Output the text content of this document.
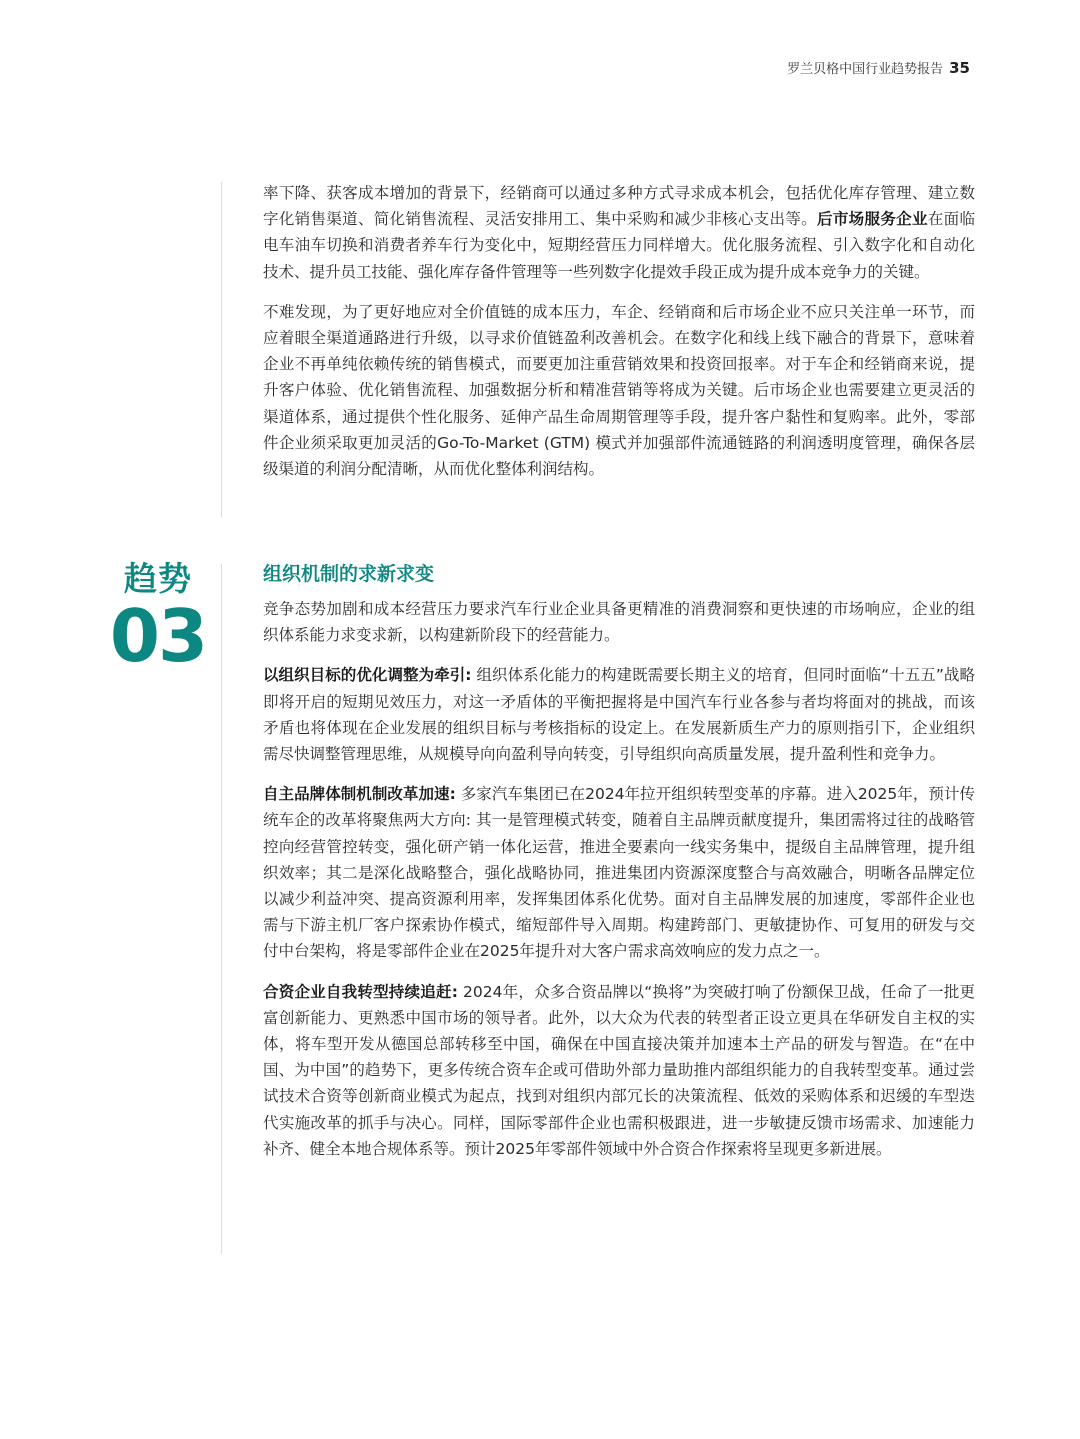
罗兰贝格中国行业趋势报告 35

率下降、获客成本增加的背景下，经销商可以通过多种方式寻求成本机会，包括优化库存管理、建立数字化销售渠道、简化销售流程、灵活安排用工、集中采购和减少非核心支出等。后市场服务企业在面临电车油车切换和消费者养车行为变化中，短期经营压力同样增大。优化服务流程、引入数字化和自动化技术、提升员工技能、强化库存备件管理等一些列数字化提效手段正成为提升成本竞争力的关键。

不难发现，为了更好地应对全价值链的成本压力，车企、经销商和后市场企业不应只关注单一环节，而应着眼全渠道通路进行升级，以寻求价值链盈利改善机会。在数字化和线上线下融合的背景下，意味着企业不再单纯依赖传统的销售模式，而要更加注重营销效果和投资回报率。对于车企和经销商来说，提升客户体验、优化销售流程、加强数据分析和精准营销等将成为关键。后市场企业也需要建立更灵活的渠道体系，通过提供个性化服务、延伸产品生命周期管理等手段，提升客户黏性和复购率。此外，零部件企业须采取更加灵活的Go-To-Market (GTM) 模式并加强部件流通链路的利润透明度管理，确保各层级渠道的利润分配清晰，从而优化整体利润结构。

趋势
03
组织机制的求新求变

竞争态势加剧和成本经营压力要求汽车行业企业具备更精准的消费洞察和更快速的市场响应，企业的组织体系能力求变求新，以构建新阶段下的经营能力。

以组织目标的优化调整为牵引: 组织体系化能力的构建既需要长期主义的培育，但同时面临“十五五”战略即将开启的短期见效压力，对这一矛盾体的平衡把握将是中国汽车行业各参与者均将面对的挑战，而该矛盾也将体现在企业发展的组织目标与考核指标的设定上。在发展新质生产力的原则指引下，企业组织需尽快调整管理思维，从规模导向向盈利导向转变，引导组织向高质量发展，提升盈利性和竞争力。

自主品牌体制机制改革加速: 多家汽车集团已在2024年拉开组织转型变革的序幕。进入2025年，预计传统车企的改革将聚焦两大方向: 其一是管理模式转变，随着自主品牌贡献度提升，集团需将过往的战略管控向经营管控转变，强化研产销一体化运营，推进全要素向一线实务集中，提级自主品牌管理，提升组织效率；其二是深化战略整合，强化战略协同，推进集团内资源深度整合与高效融合，明晰各品牌定位以减少利益冲突、提高资源利用率，发挥集团体系化优势。面对自主品牌发展的加速度，零部件企业也需与下游主机厂客户探索协作模式，缩短部件导入周期。构建跨部门、更敏捷协作、可复用的研发与交付中台架构，将是零部件企业在2025年提升对大客户需求高效响应的发力点之一。

合资企业自我转型持续追赶: 2024年，众多合资品牌以“换将”为突破打响了份额保卫战，任命了一批更富创新能力、更熟悉中国市场的领导者。此外，以大众为代表的转型者正设立更具在华研发自主权的实体，将车型开发从德国总部转移至中国，确保在中国直接决策并加速本土产品的研发与智造。在“在中国、为中国”的趋势下，更多传统合资车企或可借助外部力量助推内部组织能力的自我转型变革。通过尝试技术合资等创新商业模式为起点，找到对组织内部冗长的决策流程、低效的采购体系和迟缓的车型迭代实施改革的抓手与决心。同样，国际零部件企业也需积极跟进，进一步敏捷反馈市场需求、加速能力补齐、健全本地合规体系等。预计2025年零部件领域中外合资合作探索将呈现更多新进展。
